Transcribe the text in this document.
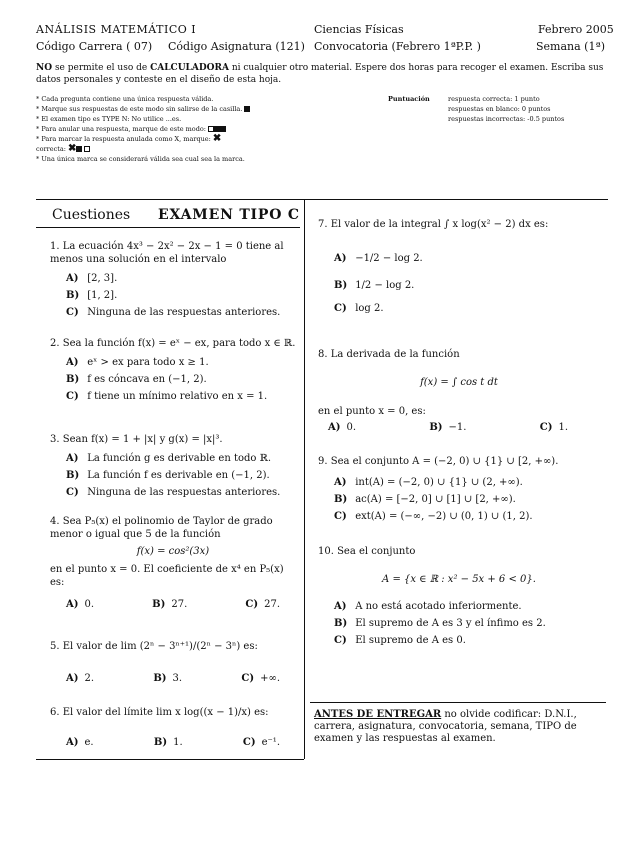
ANÁLISIS MATEMÁTICO I	Ciencias Físicas	Febrero 2005
Código Carrera ( 07) Código Asignatura (121) Convocatoria (Febrero 1ªP.P. )	Semana (1ª)
NO se permite el uso de CALCULADORA ni cualquier otro material. Espere dos horas para recoger el examen. Escriba sus datos personales y conteste en el diseño de esta hoja.
* Cada pregunta contiene una única respuesta válida.
* Marque sus respuestas de este modo sin salirse de la casilla.
* El examen tipo es TYPE N: No utilice ...es.
* Para anular una respuesta, marque de este modo:
* Para marcar la respuesta anulada como X, marque: ✖
correcta: ✖
* Una única marca se considerará válida sea cual sea la marca.
Puntuación	respuesta correcta: 1 punto
respuestas en blanco: 0 puntos
respuestas incorrectas: -0.5 puntos
Cuestiones EXAMEN TIPO C
1. La ecuación 4x³ − 2x² − 2x − 1 = 0 tiene al menos una solución en el intervalo
A) [2, 3].
B) [1, 2].
C) Ninguna de las respuestas anteriores.
2. Sea la función f(x) = eˣ − ex, para todo x ∈ ℝ.
A) eˣ > ex para todo x ≥ 1.
B) f es cóncava en (−1, 2).
C) f tiene un mínimo relativo en x = 1.
3. Sean f(x) = 1 + |x| y g(x) = |x|³.
A) La función g es derivable en todo ℝ.
B) La función f es derivable en (−1, 2).
C) Ninguna de las respuestas anteriores.
4. Sea P₅(x) el polinomio de Taylor de grado menor o igual que 5 de la función
f(x) = cos²(3x)
en el punto x = 0. El coeficiente de x⁴ en P₅(x) es:
A) 0.	B) 27.	C) 27.
5. El valor de lim (2ⁿ − 3ⁿ⁺¹)/(2ⁿ − 3ⁿ) es:
A) 2.	B) 3.	C) +∞.
6. El valor del límite lim x log((x − 1)/x) es:
A) e.	B) 1.	C) e⁻¹.
7. El valor de la integral ∫ x log(x² − 2) dx es:
A) −1/2 − log 2.
B) 1/2 − log 2.
C) log 2.
8. La derivada de la función
f(x) = ∫ cos t dt
en el punto x = 0, es:
A) 0.	B) −1.	C) 1.
9. Sea el conjunto A = (−2, 0) ∪ {1} ∪ [2, +∞).
A) int(A) = (−2, 0) ∪ {1} ∪ (2, +∞).
B) ac(A) = [−2, 0] ∪ [1] ∪ [2, +∞).
C) ext(A) = (−∞, −2) ∪ (0, 1) ∪ (1, 2).
10. Sea el conjunto
A = {x ∈ ℝ : x² − 5x + 6 < 0}.
A) A no está acotado inferiormente.
B) El supremo de A es 3 y el ínfimo es 2.
C) El supremo de A es 0.
ANTES DE ENTREGAR no olvide codificar: D.N.I., carrera, asignatura, convocatoria, semana, TIPO de examen y las respuestas al examen.
